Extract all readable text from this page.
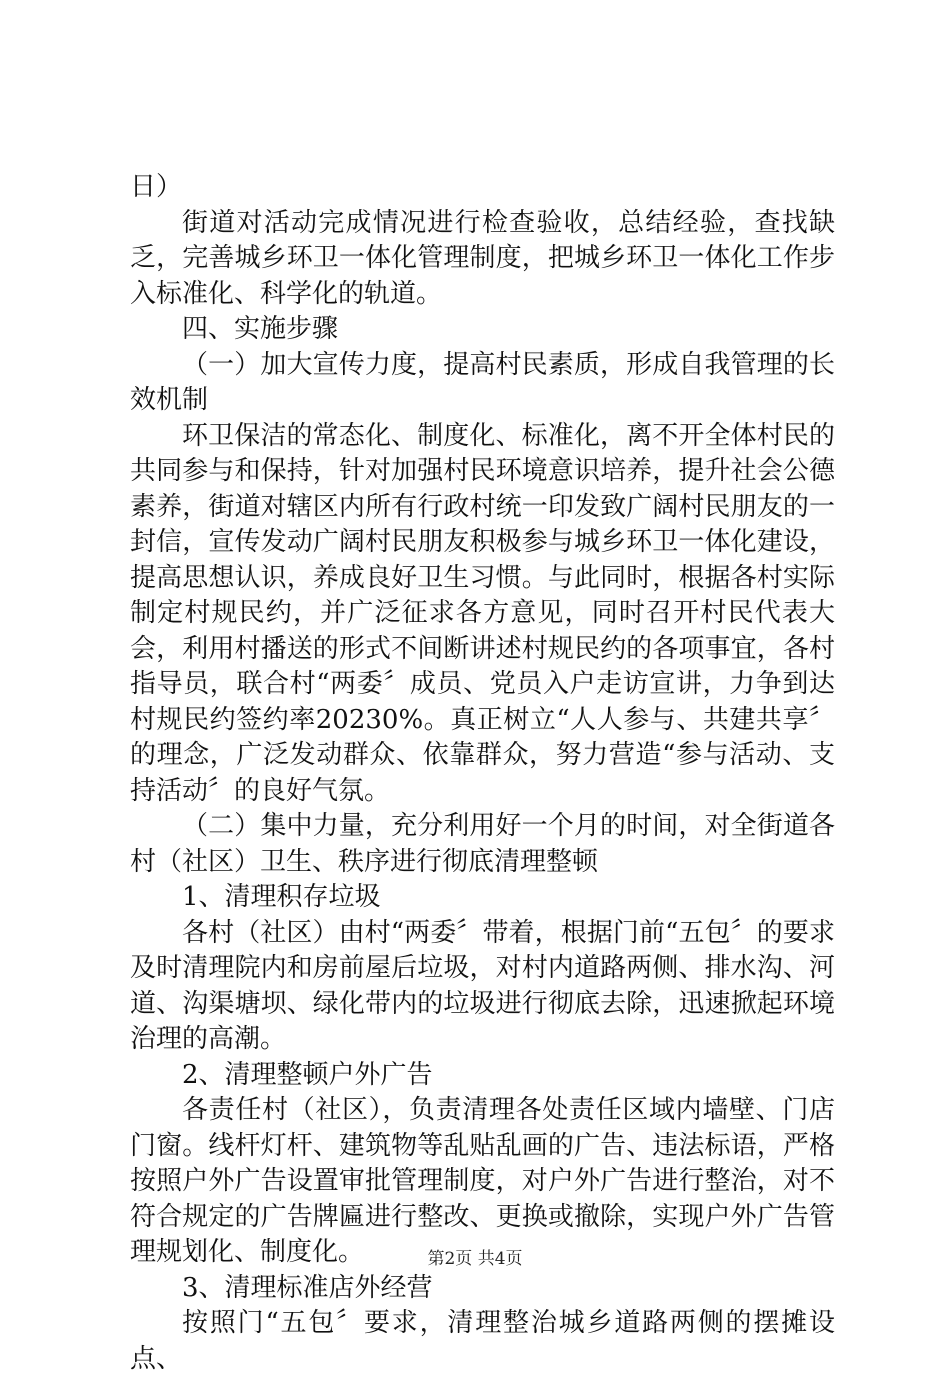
日）

街道对活动完成情况进行检查验收，总结经验，查找缺乏，完善城乡环卫一体化管理制度，把城乡环卫一体化工作步入标准化、科学化的轨道。

四、实施步骤

（一）加大宣传力度，提高村民素质，形成自我管理的长效机制

环卫保洁的常态化、制度化、标准化，离不开全体村民的共同参与和保持，针对加强村民环境意识培养，提升社会公德素养，街道对辖区内所有行政村统一印发致广阔村民朋友的一封信，宣传发动广阔村民朋友积极参与城乡环卫一体化建设，提高思想认识，养成良好卫生习惯。与此同时，根据各村实际制定村规民约，并广泛征求各方意见，同时召开村民代表大会，利用村播送的形式不间断讲述村规民约的各项事宜，各村指导员，联合村“两委〞成员、党员入户走访宣讲，力争到达村规民约签约率20230%。真正树立“人人参与、共建共享〞的理念，广泛发动群众、依靠群众，努力营造“参与活动、支持活动〞的良好气氛。

（二）集中力量，充分利用好一个月的时间，对全街道各村（社区）卫生、秩序进行彻底清理整顿

1、清理积存垃圾

各村（社区）由村“两委〞带着，根据门前“五包〞的要求及时清理院内和房前屋后垃圾，对村内道路两侧、排水沟、河道、沟渠塘坝、绿化带内的垃圾进行彻底去除，迅速掀起环境治理的高潮。

2、清理整顿户外广告

各责任村（社区），负责清理各处责任区域内墙壁、门店门窗。线杆灯杆、建筑物等乱贴乱画的广告、违法标语，严格按照户外广告设置审批管理制度，对户外广告进行整治，对不符合规定的广告牌匾进行整改、更换或撤除，实现户外广告管理规划化、制度化。

3、清理标准店外经营

按照门“五包〞要求，清理整治城乡道路两侧的摆摊设点、

第2页 共4页
